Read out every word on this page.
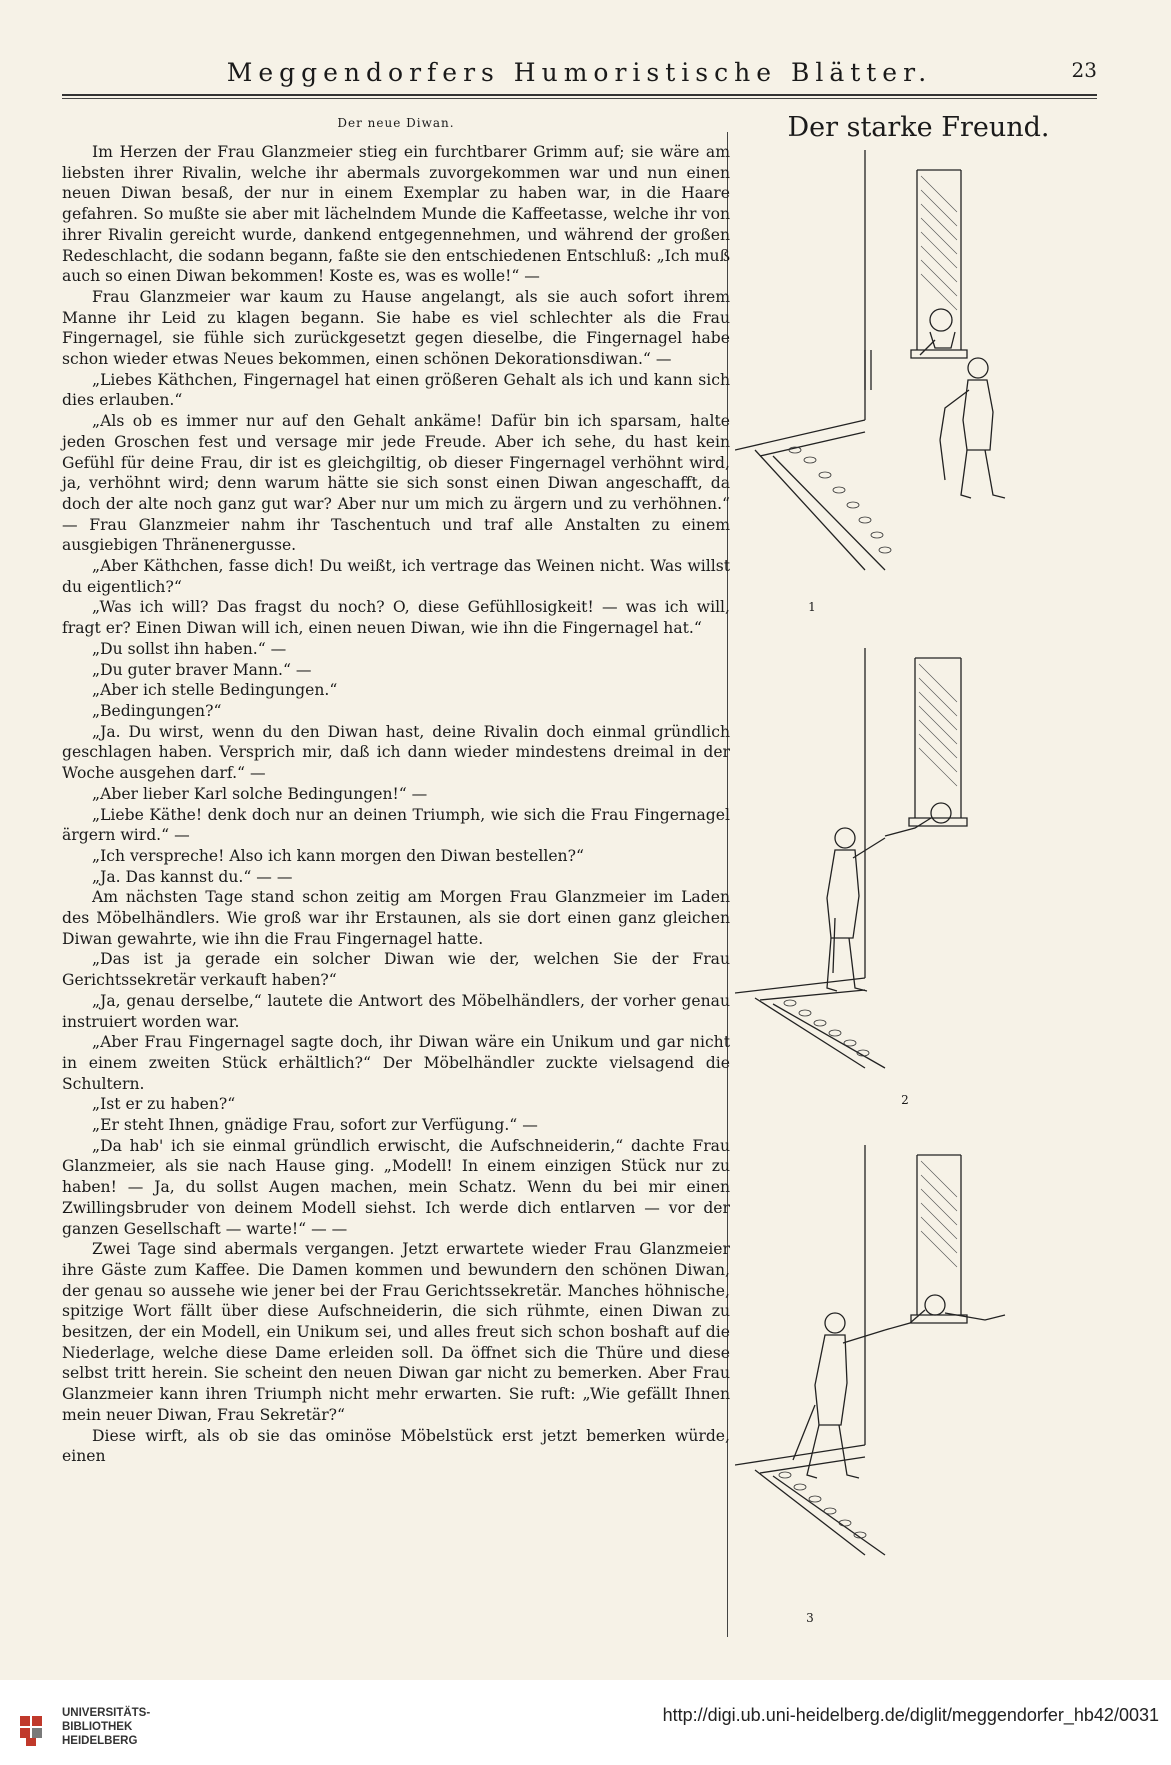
Meggendorfers Humoristische Blätter.	23
Der neue Diwan.

Im Herzen der Frau Glanzmeier stieg ein furchtbarer Grimm auf; sie wäre am liebsten ihrer Rivalin, welche ihr abermals zuvorgekommen war und nun einen neuen Diwan besaß, der nur in einem Exemplar zu haben war, in die Haare gefahren. So mußte sie aber mit lächelndem Munde die Kaffeetasse, welche ihr von ihrer Rivalin gereicht wurde, dankend entgegennehmen, und während der großen Redeschlacht, die sodann begann, faßte sie den entschiedenen Entschluß: „Ich muß auch so einen Diwan bekommen! Koste es, was es wolle!“ —

Frau Glanzmeier war kaum zu Hause angelangt, als sie auch sofort ihrem Manne ihr Leid zu klagen begann. Sie habe es viel schlechter als die Frau Fingernagel, sie fühle sich zurückgesetzt gegen dieselbe, die Fingernagel habe schon wieder etwas Neues bekommen, einen schönen Dekorationsdiwan.“ —

„Liebes Käthchen, Fingernagel hat einen größeren Gehalt als ich und kann sich dies erlauben.“

„Als ob es immer nur auf den Gehalt ankäme! Dafür bin ich sparsam, halte jeden Groschen fest und versage mir jede Freude. Aber ich sehe, du hast kein Gefühl für deine Frau, dir ist es gleichgiltig, ob dieser Fingernagel verhöhnt wird, ja, verhöhnt wird; denn warum hätte sie sich sonst einen Diwan angeschafft, da doch der alte noch ganz gut war? Aber nur um mich zu ärgern und zu verhöhnen.“ — Frau Glanzmeier nahm ihr Taschentuch und traf alle Anstalten zu einem ausgiebigen Thränenergusse.

„Aber Käthchen, fasse dich! Du weißt, ich vertrage das Weinen nicht. Was willst du eigentlich?“

„Was ich will? Das fragst du noch? O, diese Gefühllosigkeit! — was ich will, fragt er? Einen Diwan will ich, einen neuen Diwan, wie ihn die Fingernagel hat.“

„Du sollst ihn haben.“ —

„Du guter braver Mann.“ —

„Aber ich stelle Bedingungen.“

„Bedingungen?“

„Ja. Du wirst, wenn du den Diwan hast, deine Rivalin doch einmal gründlich geschlagen haben. Versprich mir, daß ich dann wieder mindestens dreimal in der Woche ausgehen darf.“ —

„Aber lieber Karl solche Bedingungen!“ —

„Liebe Käthe! denk doch nur an deinen Triumph, wie sich die Frau Fingernagel ärgern wird.“ —

„Ich verspreche! Also ich kann morgen den Diwan bestellen?“

„Ja. Das kannst du.“ — —

Am nächsten Tage stand schon zeitig am Morgen Frau Glanzmeier im Laden des Möbelhändlers. Wie groß war ihr Erstaunen, als sie dort einen ganz gleichen Diwan gewahrte, wie ihn die Frau Fingernagel hatte.

„Das ist ja gerade ein solcher Diwan wie der, welchen Sie der Frau Gerichtssekretär verkauft haben?“

„Ja, genau derselbe,“ lautete die Antwort des Möbelhändlers, der vorher genau instruiert worden war.

„Aber Frau Fingernagel sagte doch, ihr Diwan wäre ein Unikum und gar nicht in einem zweiten Stück erhältlich?“ Der Möbelhändler zuckte vielsagend die Schultern.

„Ist er zu haben?“

„Er steht Ihnen, gnädige Frau, sofort zur Verfügung.“ —

„Da hab' ich sie einmal gründlich erwischt, die Aufschneiderin,“ dachte Frau Glanzmeier, als sie nach Hause ging. „Modell! In einem einzigen Stück nur zu haben! — Ja, du sollst Augen machen, mein Schatz. Wenn du bei mir einen Zwillingsbruder von deinem Modell siehst. Ich werde dich entlarven — vor der ganzen Gesellschaft — warte!“ — —

Zwei Tage sind abermals vergangen. Jetzt erwartete wieder Frau Glanzmeier ihre Gäste zum Kaffee. Die Damen kommen und bewundern den schönen Diwan, der genau so aussehe wie jener bei der Frau Gerichtssekretär. Manches höhnische, spitzige Wort fällt über diese Aufschneiderin, die sich rühmte, einen Diwan zu besitzen, der ein Modell, ein Unikum sei, und alles freut sich schon boshaft auf die Niederlage, welche diese Dame erleiden soll. Da öffnet sich die Thüre und diese selbst tritt herein. Sie scheint den neuen Diwan gar nicht zu bemerken. Aber Frau Glanzmeier kann ihren Triumph nicht mehr erwarten. Sie ruft: „Wie gefällt Ihnen mein neuer Diwan, Frau Sekretär?“

Diese wirft, als ob sie das ominöse Möbelstück erst jetzt bemerken würde, einen

Der starke Freund.
1
2
3
UNIVERSITÄTS-
BIBLIOTHEK
HEIDELBERG
http://digi.ub.uni-heidelberg.de/diglit/meggendorfer_hb42/0031
